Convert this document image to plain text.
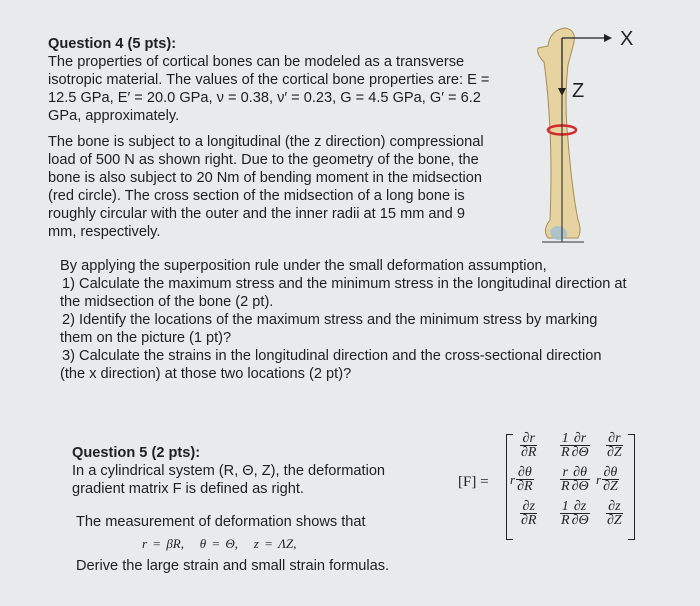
Question 4 (5 pts):
The properties of cortical bones can be modeled as a transverse
isotropic material. The values of the cortical bone properties are: E =
12.5 GPa, E′ = 20.0 GPa, ν = 0.38, ν′ = 0.23, G = 4.5 GPa, G′ = 6.2
GPa, approximately.
The bone is subject to a longitudinal (the z direction) compressional
load of 500 N as shown right. Due to the geometry of the bone, the
bone is also subject to 20 Nm of bending moment in the midsection
(red circle). The cross section of the midsection of a long bone is
roughly circular with the outer and the inner radii at 15 mm and 9
mm, respectively.
By applying the superposition rule under the small deformation assumption,
1) Calculate the maximum stress and the minimum stress in the longitudinal direction at
the midsection of the bone (2 pt).
2) Identify the locations of the maximum stress and the minimum stress by marking
them on the picture (1 pt)?
3) Calculate the strains in the longitudinal direction and the cross-sectional direction
(the x direction) at those two locations (2 pt)?
X
Z
Question 5 (2 pts):
In a cylindrical system (R, Θ, Z), the deformation
gradient matrix F is defined as right.
The measurement of deformation shows that
r = βR,   θ = Θ,   z = ΛZ,
Derive the large strain and small strain formulas.
[F] =
$\frac{\partial r}{\partial R} \frac{1}{R} \frac{\partial r}{\partial\Theta} \frac{\partial r}{\partial Z}$
r $\frac{\partial\theta}{\partial R} \frac{r}{R} \frac{\partial\theta}{\partial\Theta}$ r $\frac{\partial\theta}{\partial Z}$
$\frac{\partial z}{\partial R} \frac{1}{R} \frac{\partial z}{\partial\Theta} \frac{\partial z}{\partial Z}$
